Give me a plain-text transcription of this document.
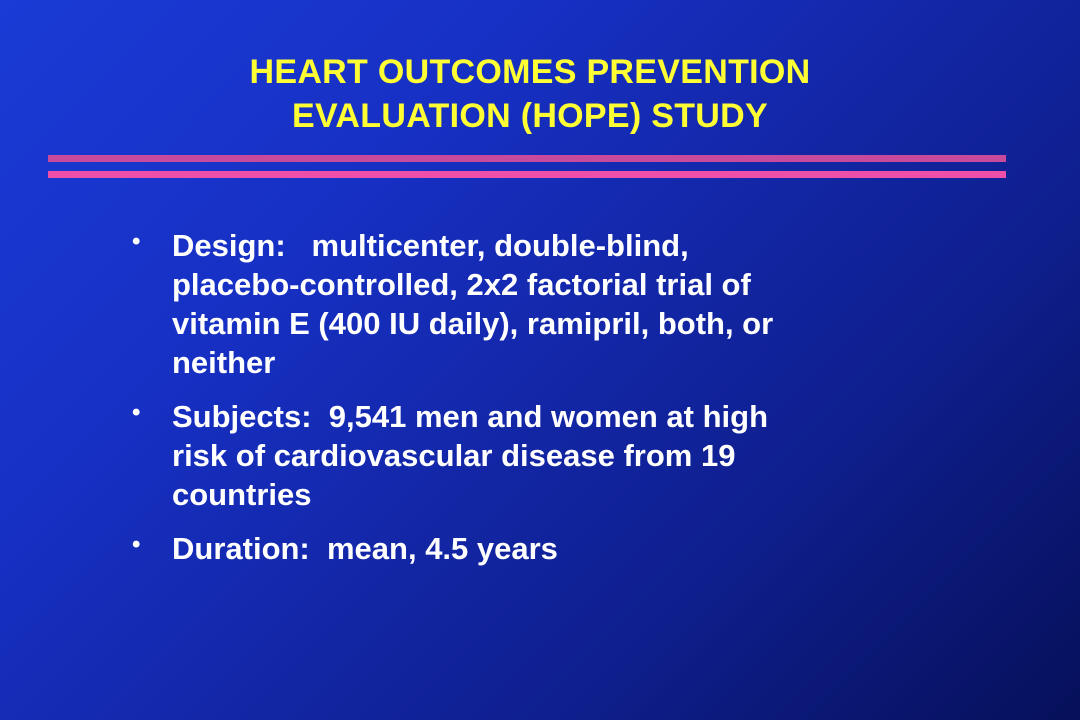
HEART OUTCOMES PREVENTION
EVALUATION (HOPE) STUDY
• Design:   multicenter, double-blind,
placebo-controlled, 2x2 factorial trial of
vitamin E (400 IU daily), ramipril, both, or
neither
• Subjects:  9,541 men and women at high
risk of cardiovascular disease from 19
countries
• Duration:  mean, 4.5 years
